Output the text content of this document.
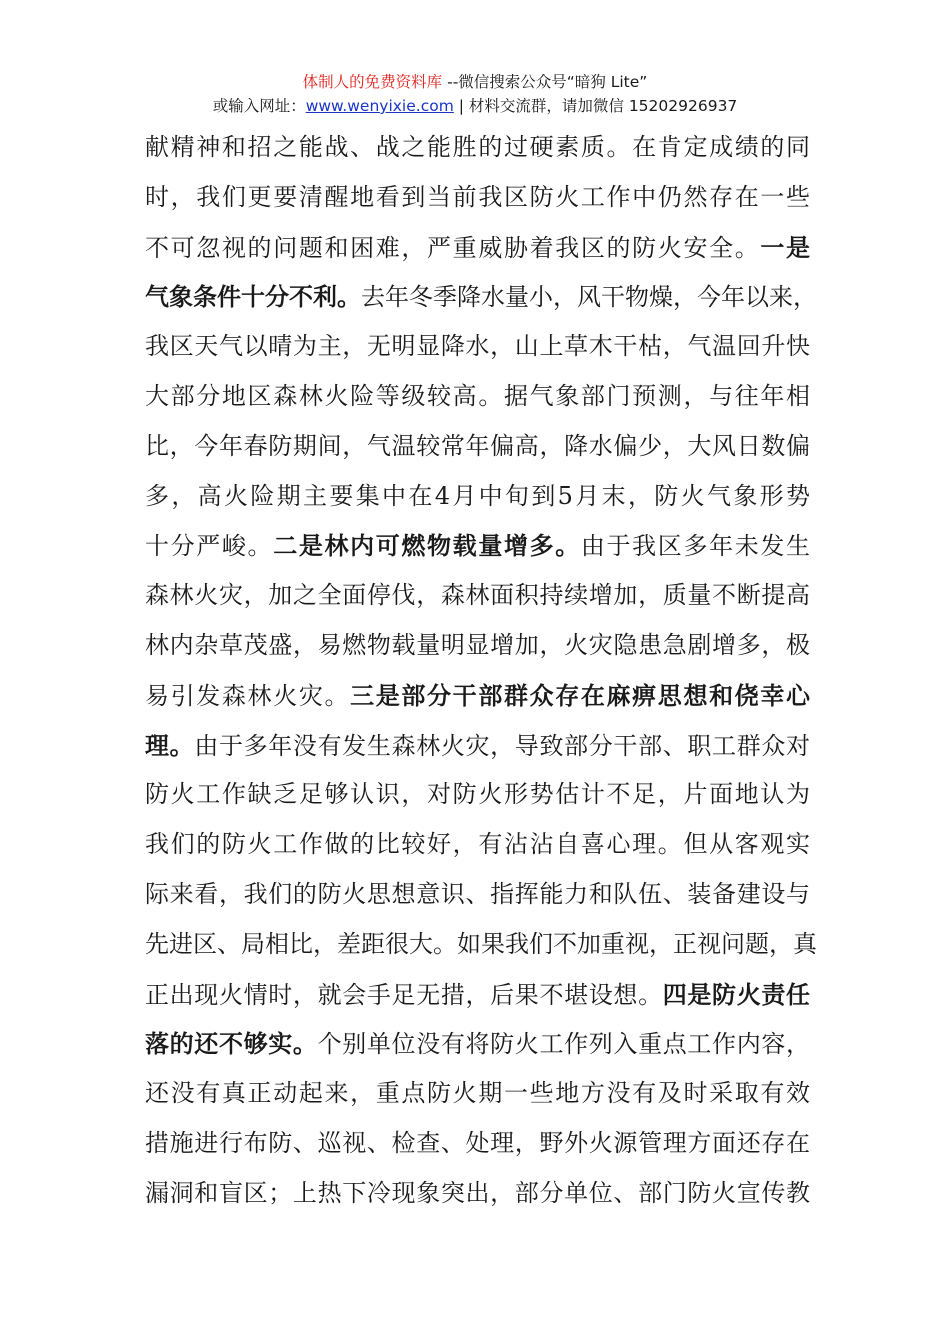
体制人的免费资料库 --微信搜索公众号“暗狗 Lite”
或输入网址：www.wenyixie.com | 材料交流群，请加微信 15202926937
献精神和招之能战、战之能胜的过硬素质。在肯定成绩的同
时，我们更要清醒地看到当前我区防火工作中仍然存在一些
不可忽视的问题和困难，严重威胁着我区的防火安全。一是
气象条件十分不利。去年冬季降水量小，风干物燥，今年以来，
我区天气以晴为主，无明显降水，山上草木干枯，气温回升快
大部分地区森林火险等级较高。据气象部门预测，与往年相
比，今年春防期间，气温较常年偏高，降水偏少，大风日数偏
多，高火险期主要集中在4月中旬到5月末，防火气象形势
十分严峻。二是林内可燃物载量增多。由于我区多年未发生
森林火灾，加之全面停伐，森林面积持续增加，质量不断提高
林内杂草茂盛，易燃物载量明显增加，火灾隐患急剧增多，极
易引发森林火灾。三是部分干部群众存在麻痹思想和侥幸心
理。由于多年没有发生森林火灾，导致部分干部、职工群众对
防火工作缺乏足够认识，对防火形势估计不足，片面地认为
我们的防火工作做的比较好，有沾沾自喜心理。但从客观实
际来看，我们的防火思想意识、指挥能力和队伍、装备建设与
先进区、局相比，差距很大。如果我们不加重视，正视问题，真
正出现火情时，就会手足无措，后果不堪设想。四是防火责任
落的还不够实。个别单位没有将防火工作列入重点工作内容，
还没有真正动起来，重点防火期一些地方没有及时采取有效
措施进行布防、巡视、检查、处理，野外火源管理方面还存在
漏洞和盲区；上热下冷现象突出，部分单位、部门防火宣传教
